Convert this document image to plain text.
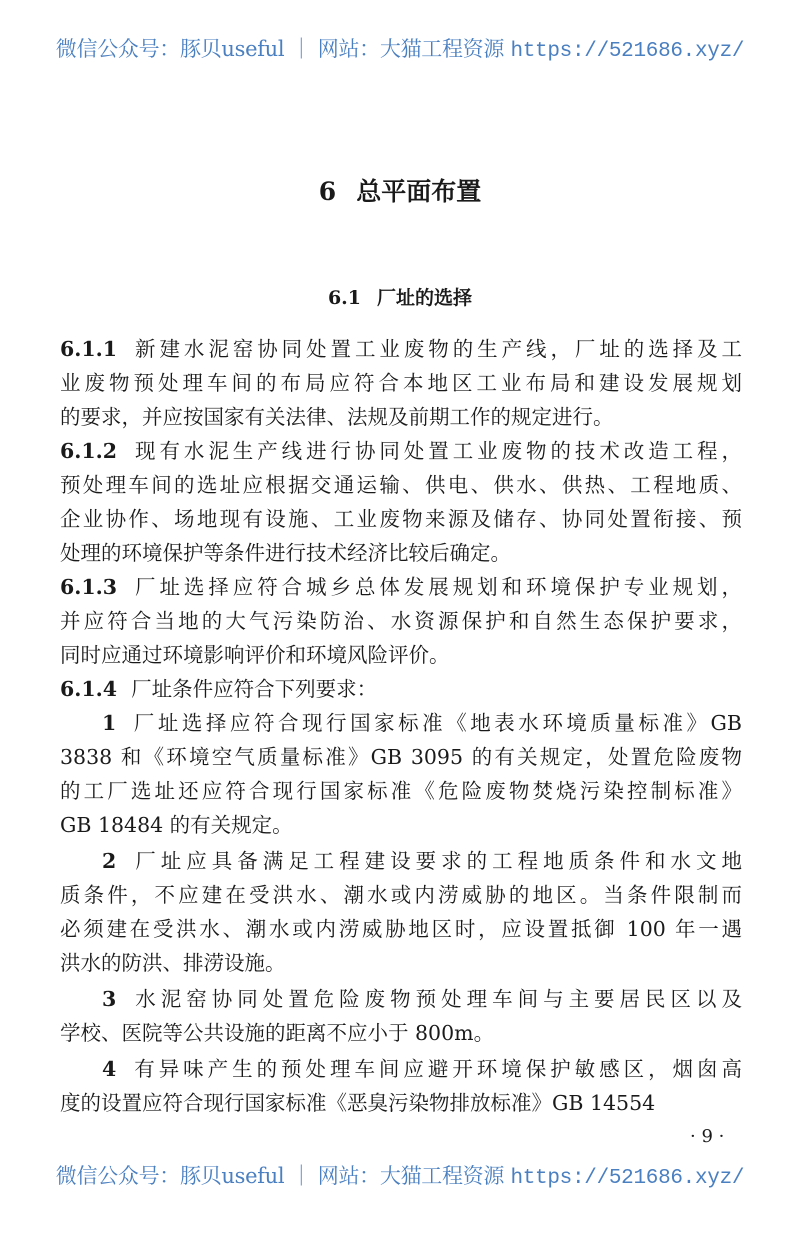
微信公众号：豚贝useful ｜ 网站：大猫工程资源 https://521686.xyz/
6 总平面布置
6.1 厂址的选择
6.1.1 新建水泥窑协同处置工业废物的生产线，厂址的选择及工
业废物预处理车间的布局应符合本地区工业布局和建设发展规划
的要求，并应按国家有关法律、法规及前期工作的规定进行。
6.1.2 现有水泥生产线进行协同处置工业废物的技术改造工程，
预处理车间的选址应根据交通运输、供电、供水、供热、工程地质、
企业协作、场地现有设施、工业废物来源及储存、协同处置衔接、预
处理的环境保护等条件进行技术经济比较后确定。
6.1.3 厂址选择应符合城乡总体发展规划和环境保护专业规划，
并应符合当地的大气污染防治、水资源保护和自然生态保护要求，
同时应通过环境影响评价和环境风险评价。
6.1.4 厂址条件应符合下列要求：
1 厂址选择应符合现行国家标准《地表水环境质量标准》GB
3838 和《环境空气质量标准》GB 3095 的有关规定，处置危险废物
的工厂选址还应符合现行国家标准《危险废物焚烧污染控制标准》
GB 18484 的有关规定。
2 厂址应具备满足工程建设要求的工程地质条件和水文地
质条件，不应建在受洪水、潮水或内涝威胁的地区。当条件限制而
必须建在受洪水、潮水或内涝威胁地区时，应设置抵御 100 年一遇
洪水的防洪、排涝设施。
3 水泥窑协同处置危险废物预处理车间与主要居民区以及
学校、医院等公共设施的距离不应小于 800m。
4 有异味产生的预处理车间应避开环境保护敏感区，烟囱高
度的设置应符合现行国家标准《恶臭污染物排放标准》GB 14554
· 9 ·
微信公众号：豚贝useful ｜ 网站：大猫工程资源 https://521686.xyz/
